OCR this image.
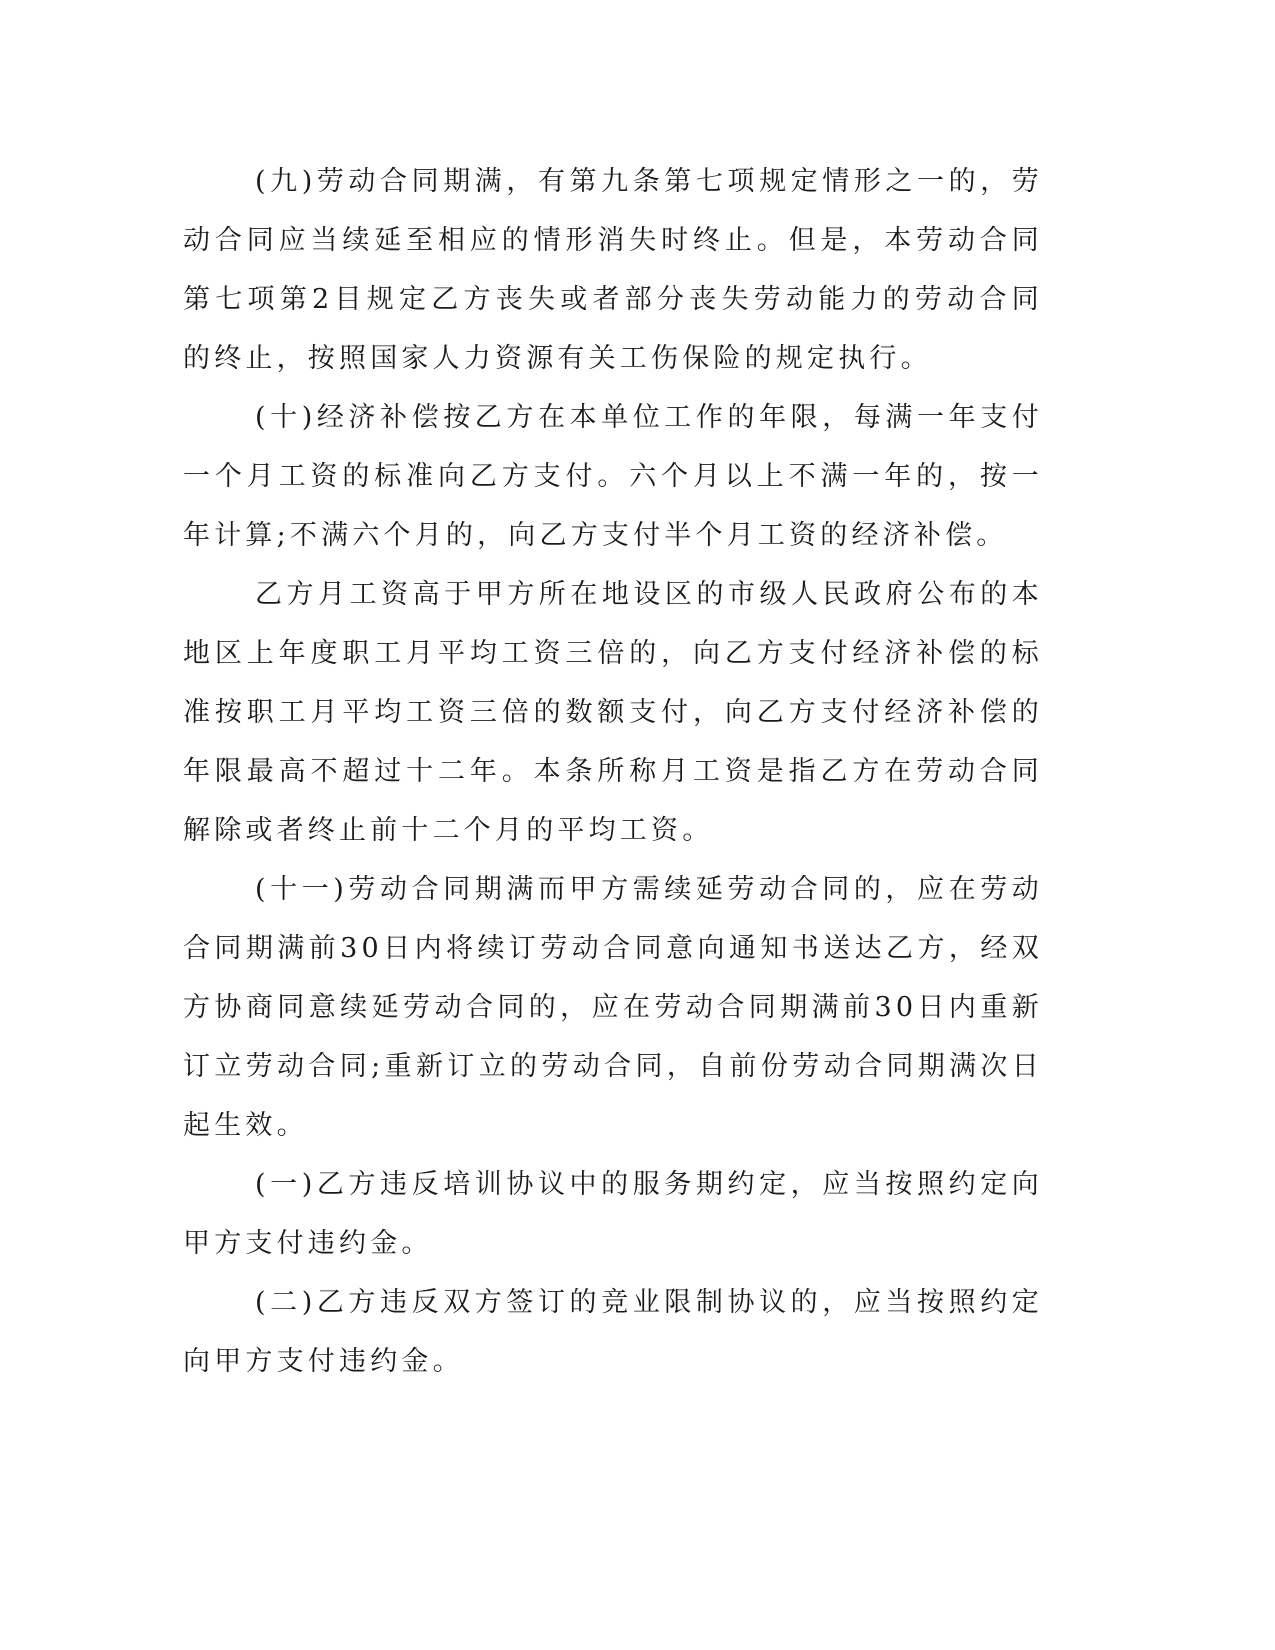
(九)劳动合同期满，有第九条第七项规定情形之一的，劳动合同应当续延至相应的情形消失时终止。但是，本劳动合同第七项第2目规定乙方丧失或者部分丧失劳动能力的劳动合同的终止，按照国家人力资源有关工伤保险的规定执行。

(十)经济补偿按乙方在本单位工作的年限，每满一年支付一个月工资的标准向乙方支付。六个月以上不满一年的，按一年计算;不满六个月的，向乙方支付半个月工资的经济补偿。

乙方月工资高于甲方所在地设区的市级人民政府公布的本地区上年度职工月平均工资三倍的，向乙方支付经济补偿的标准按职工月平均工资三倍的数额支付，向乙方支付经济补偿的年限最高不超过十二年。本条所称月工资是指乙方在劳动合同解除或者终止前十二个月的平均工资。

(十一)劳动合同期满而甲方需续延劳动合同的，应在劳动合同期满前30日内将续订劳动合同意向通知书送达乙方，经双方协商同意续延劳动合同的，应在劳动合同期满前30日内重新订立劳动合同;重新订立的劳动合同，自前份劳动合同期满次日起生效。

(一)乙方违反培训协议中的服务期约定，应当按照约定向甲方支付违约金。

(二)乙方违反双方签订的竞业限制协议的，应当按照约定向甲方支付违约金。
